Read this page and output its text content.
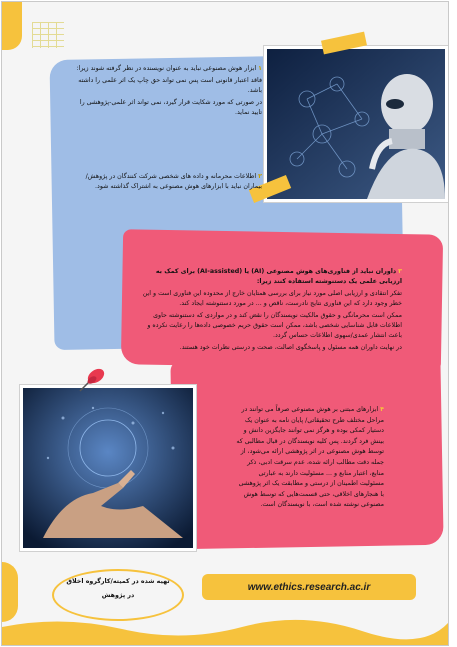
۱ ابزار هوش مصنوعی نباید به عنوان نویسنده در نظر گرفته شوند زیرا:
فاقد اعتبار قانونی است پس نمی تواند حق چاپ یک اثر علمی را داشته باشد.
در صورتی که مورد شکایت قرار گیرد، نمی تواند اثر علمی-پژوهشی را تایید نماید.
۲ اطلاعات محرمانه و داده های شخصی شرکت کنندگان در پژوهش/بیماران نباید با ابزارهای هوش مصنوعی به اشتراک گذاشته شود.
۳ داوران نباید از فناوری‌های هوش مصنوعی (AI) یا (AI-assisted) برای کمک به ارزیابی علمی یک دستنوشته استفاده کنند زیرا:
تفکر انتقادی و ارزیابی اصلی مورد نیاز برای بررسی همتایان خارج از محدوده این فناوری است و این خطر وجود دارد که این فناوری نتایج نادرست، ناقص و ... در مورد دستنوشته ایجاد کند.
ممکن است محرمانگی و حقوق مالکیت نویسندگان را نقض کند و در مواردی که دستنوشته حاوی اطلاعات قابل شناسایی شخصی باشد، ممکن است حقوق حریم خصوصی داده‌ها را رعایت نکرده و باعث انتشار عمدی/سهوی اطلاعات حساس گردد.
در نهایت داوران همه مسئول و پاسخگوی اصالت، صحت و درستی نظرات خود هستند.
۴ ابزارهای مبتنی بر هوش مصنوعی صرفاً می توانند در مراحل مختلف طرح تحقیقاتی/ پایان نامه به عنوان یک دستیار کمکی بوده و هرگز نمی توانند جایگزین دانش و بینش فرد گردند. پس کلیه نویسندگان در قبال مطالبی که توسط هوش مصنوعی در اثر پژوهشی ارائه می‌شود، از جمله دقت مطالب ارائه شده، عدم سرقت ادبی، ذکر منابع، اعتبار منابع و ... مسئولیت دارند به عبارتی مسئولیت اطمینان از درستی و مطابقت یک اثر پژوهشی با هنجارهای اخلاقی، حتی قسمت‌هایی که توسط هوش مصنوعی نوشته شده است، با نویسندگان است.
تهیه شده در کمیته/کارگروه اخلاق
در پژوهش
www.ethics.research.ac.ir
